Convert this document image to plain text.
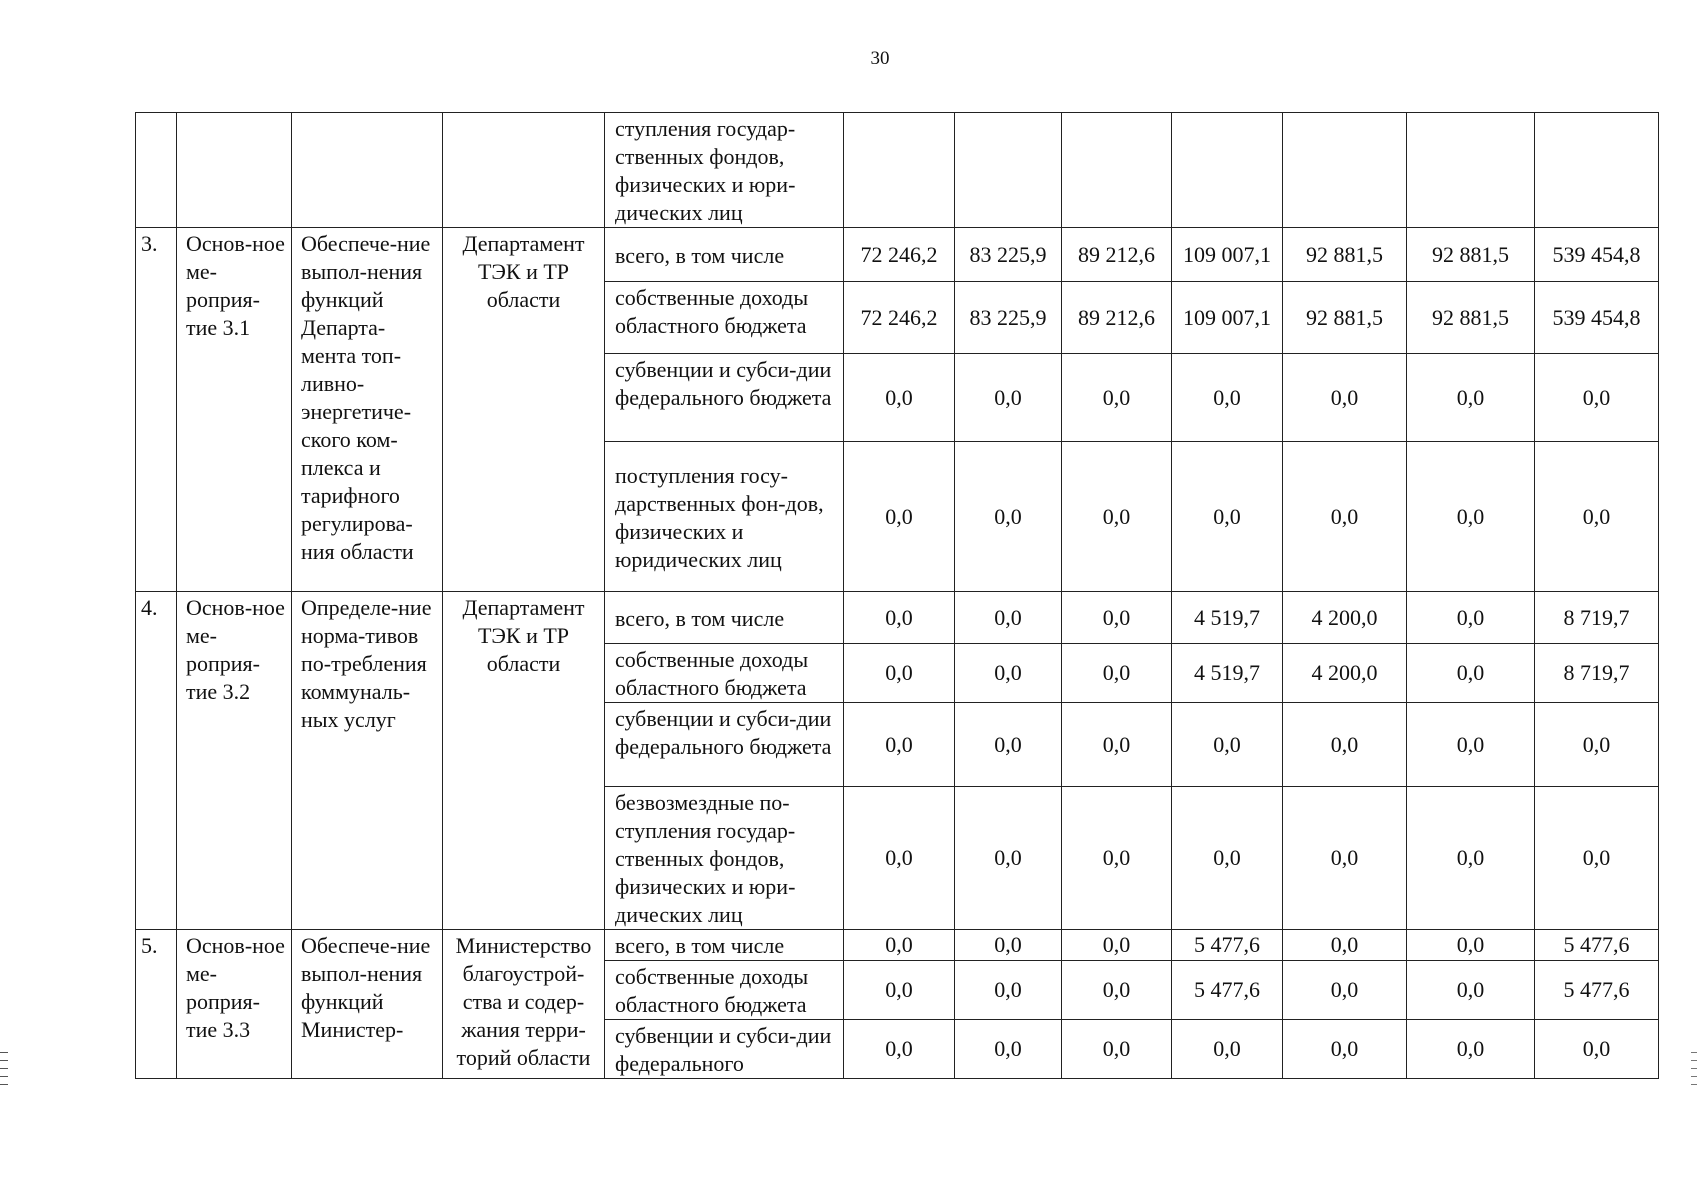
30
				ступления государ-ственных фондов, физических и юри-дических лиц							
3.	Основ-ное ме-роприя-тие 3.1	Обеспече-ние выпол-нения функций Департа-мента топ-ливно-энергетиче-ского ком-плекса и тарифного регулирова-ния области	Департамент ТЭК и ТР области	всего, в том числе	72 246,2	83 225,9	89 212,6	109 007,1	92 881,5	92 881,5	539 454,8
				собственные доходы областного бюджета	72 246,2	83 225,9	89 212,6	109 007,1	92 881,5	92 881,5	539 454,8
				субвенции и субси-дии федерального бюджета	0,0	0,0	0,0	0,0	0,0	0,0	0,0
				поступления госу-дарственных фон-дов, физических и юридических лиц	0,0	0,0	0,0	0,0	0,0	0,0	0,0
4.	Основ-ное ме-роприя-тие 3.2	Определе-ние норма-тивов по-требления коммуналь-ных услуг	Департамент ТЭК и ТР области	всего, в том числе	0,0	0,0	0,0	4 519,7	4 200,0	0,0	8 719,7
				собственные доходы областного бюджета	0,0	0,0	0,0	4 519,7	4 200,0	0,0	8 719,7
				субвенции и субси-дии федерального бюджета	0,0	0,0	0,0	0,0	0,0	0,0	0,0
				безвозмездные по-ступления государ-ственных фондов, физических и юри-дических лиц	0,0	0,0	0,0	0,0	0,0	0,0	0,0
5.	Основ-ное ме-роприя-тие 3.3	Обеспече-ние выпол-нения функций Министер-	Министерство благоустрой-ства и содер-жания терри-торий области	всего, в том числе	0,0	0,0	0,0	5 477,6	0,0	0,0	5 477,6
				собственные доходы областного бюджета	0,0	0,0	0,0	5 477,6	0,0	0,0	5 477,6
				субвенции и субси-дии федерального	0,0	0,0	0,0	0,0	0,0	0,0	0,0
